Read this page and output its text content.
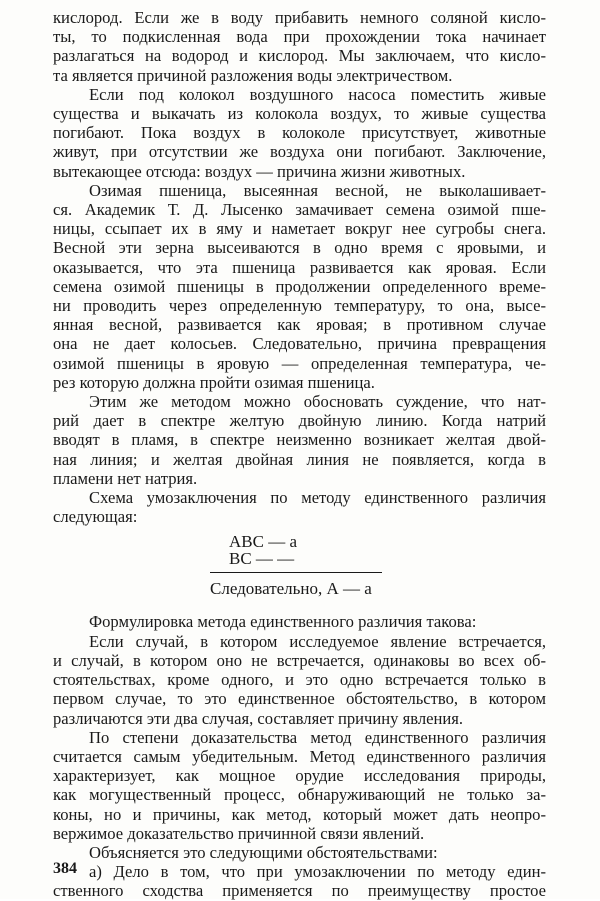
кислород. Если же в воду прибавить немного соляной кисло-
ты, то подкисленная вода при прохождении тока начинает
разлагаться на водород и кислород. Мы заключаем, что кисло-
та является причиной разложения воды электричеством.

Если под колокол воздушного насоса поместить живые
существа и выкачать из колокола воздух, то живые существа
погибают. Пока воздух в колоколе присутствует, животные
живут, при отсутствии же воздуха они погибают. Заключение,
вытекающее отсюда: воздух — причина жизни животных.

Озимая пшеница, высеянная весной, не выколашивает-
ся. Академик Т. Д. Лысенко замачивает семена озимой пше-
ницы, ссыпает их в яму и наметает вокруг нее сугробы снега.
Весной эти зерна высеиваются в одно время с яровыми, и
оказывается, что эта пшеница развивается как яровая. Если
семена озимой пшеницы в продолжении определенного време-
ни проводить через определенную температуру, то она, высе-
янная весной, развивается как яровая; в противном случае
она не дает колосьев. Следовательно, причина превращения
озимой пшеницы в яровую — определенная температура, че-
рез которую должна пройти озимая пшеница.

Этим же методом можно обосновать суждение, что нат-
рий дает в спектре желтую двойную линию. Когда натрий
вводят в пламя, в спектре неизменно возникает желтая двой-
ная линия; и желтая двойная линия не появляется, когда в
пламени нет натрия.

Схема умозаключения по методу единственного различия
следующая:

АВС — а
ВС — —
Следовательно, А — а

Формулировка метода единственного различия такова:

Если случай, в котором исследуемое явление встречается,
и случай, в котором оно не встречается, одинаковы во всех об-
стоятельствах, кроме одного, и это одно встречается только в
первом случае, то это единственное обстоятельство, в котором
различаются эти два случая, составляет причину явления.

По степени доказательства метод единственного различия
считается самым убедительным. Метод единственного различия
характеризует, как мощное орудие исследования природы,
как могущественный процесс, обнаруживающий не только за-
коны, но и причины, как метод, который может дать неопро-
вержимое доказательство причинной связи явлений.

Объясняется это следующими обстоятельствами:

а) Дело в том, что при умозаключении по методу един-
ственного сходства применяется по преимуществу простое

384
